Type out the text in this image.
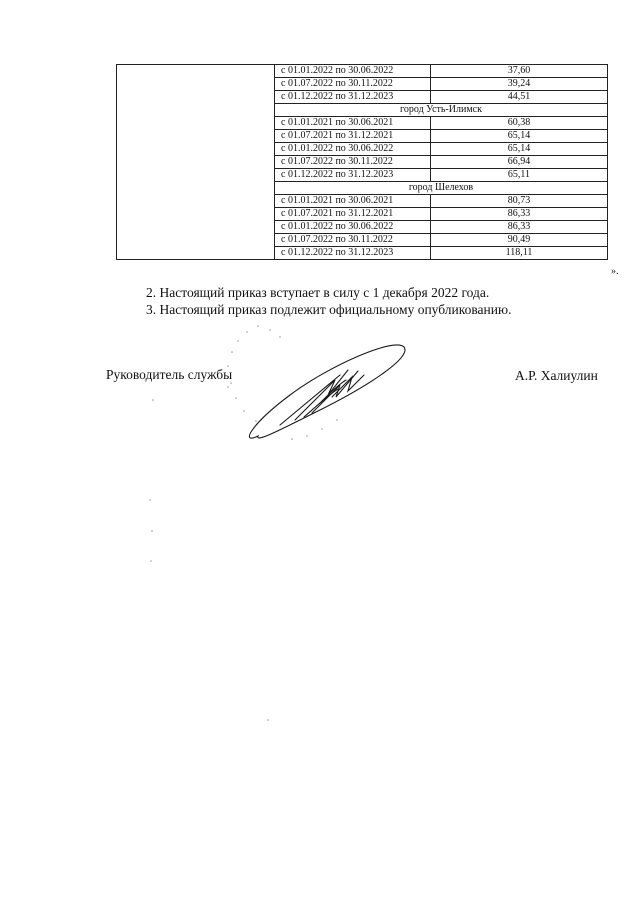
	с 01.01.2022 по 30.06.2022	37,60
	с 01.07.2022 по 30.11.2022	39,24
	с 01.12.2022 по 31.12.2023	44,51
	город Усть-Илимск	
	с 01.01.2021 по 30.06.2021	60,38
	с 01.07.2021 по 31.12.2021	65,14
	с 01.01.2022 по 30.06.2022	65,14
	с 01.07.2022 по 30.11.2022	66,94
	с 01.12.2022 по 31.12.2023	65,11
	город Шелехов	
	с 01.01.2021 по 30.06.2021	80,73
	с 01.07.2021 по 31.12.2021	86,33
	с 01.01.2022 по 30.06.2022	86,33
	с 01.07.2022 по 30.11.2022	90,49
	с 01.12.2022 по 31.12.2023	118,11
».
2. Настоящий приказ вступает в силу с 1 декабря 2022 года.
3. Настоящий приказ подлежит официальному опубликованию.
Руководитель службы	А.Р. Халиулин
